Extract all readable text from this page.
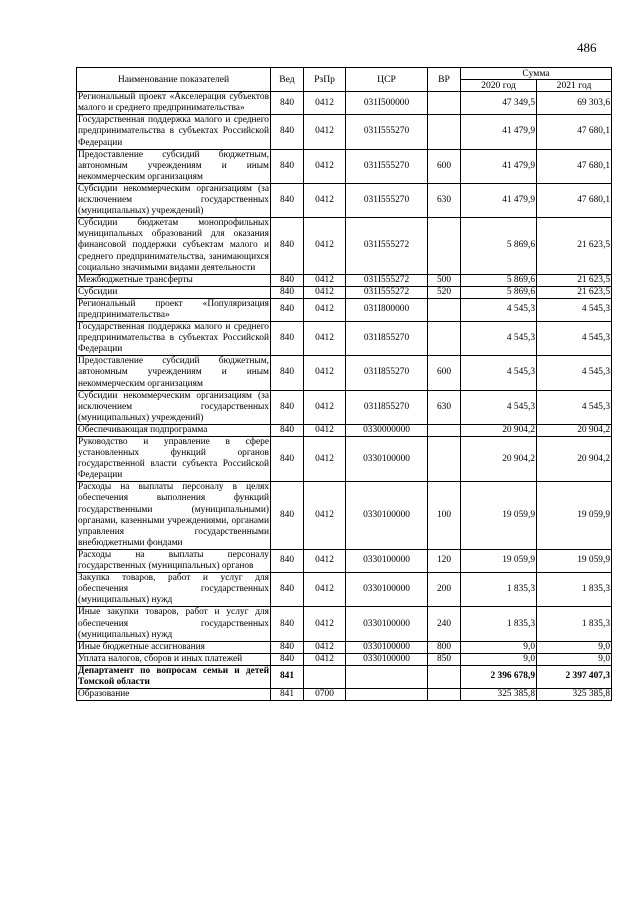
486
Наименование показателей	Вед	РзПр	ЦСР	ВР	Сумма	
					2020 год	2021 год
Региональный проект «Акселерация субъектов малого и среднего предпринимательства»	840	0412	031I500000		47 349,5	69 303,6
Государственная поддержка малого и среднего предпринимательства в субъектах Российской Федерации	840	0412	031I555270		41 479,9	47 680,1
Предоставление субсидий бюджетным, автономным учреждениям и иным некоммерческим организациям	840	0412	031I555270	600	41 479,9	47 680,1
Субсидии некоммерческим организациям (за исключением государственных (муниципальных) учреждений)	840	0412	031I555270	630	41 479,9	47 680,1
Субсидии бюджетам монопрофильных муниципальных образований для оказания финансовой поддержки субъектам малого и среднего предпринимательства, занимающихся социально значимыми видами деятельности	840	0412	031I555272		5 869,6	21 623,5
Межбюджетные трансферты	840	0412	031I555272	500	5 869,6	21 623,5
Субсидии	840	0412	031I555272	520	5 869,6	21 623,5
Региональный проект «Популяризация предпринимательства»	840	0412	031I800000		4 545,3	4 545,3
Государственная поддержка малого и среднего предпринимательства в субъектах Российской Федерации	840	0412	031I855270		4 545,3	4 545,3
Предоставление субсидий бюджетным, автономным учреждениям и иным некоммерческим организациям	840	0412	031I855270	600	4 545,3	4 545,3
Субсидии некоммерческим организациям (за исключением государственных (муниципальных) учреждений)	840	0412	031I855270	630	4 545,3	4 545,3
Обеспечивающая подпрограмма	840	0412	0330000000		20 904,2	20 904,2
Руководство и управление в сфере установленных функций органов государственной власти субъекта Российской Федерации	840	0412	0330100000		20 904,2	20 904,2
Расходы на выплаты персоналу в целях обеспечения выполнения функций государственными (муниципальными) органами, казенными учреждениями, органами управления государственными внебюджетными фондами	840	0412	0330100000	100	19 059,9	19 059,9
Расходы на выплаты персоналу государственных (муниципальных) органов	840	0412	0330100000	120	19 059,9	19 059,9
Закупка товаров, работ и услуг для обеспечения государственных (муниципальных) нужд	840	0412	0330100000	200	1 835,3	1 835,3
Иные закупки товаров, работ и услуг для обеспечения государственных (муниципальных) нужд	840	0412	0330100000	240	1 835,3	1 835,3
Иные бюджетные ассигнования	840	0412	0330100000	800	9,0	9,0
Уплата налогов, сборов и иных платежей	840	0412	0330100000	850	9,0	9,0
Департамент по вопросам семьи и детей Томской области	841				2 396 678,9	2 397 407,3
Образование	841	0700			325 385,8	325 385,8
